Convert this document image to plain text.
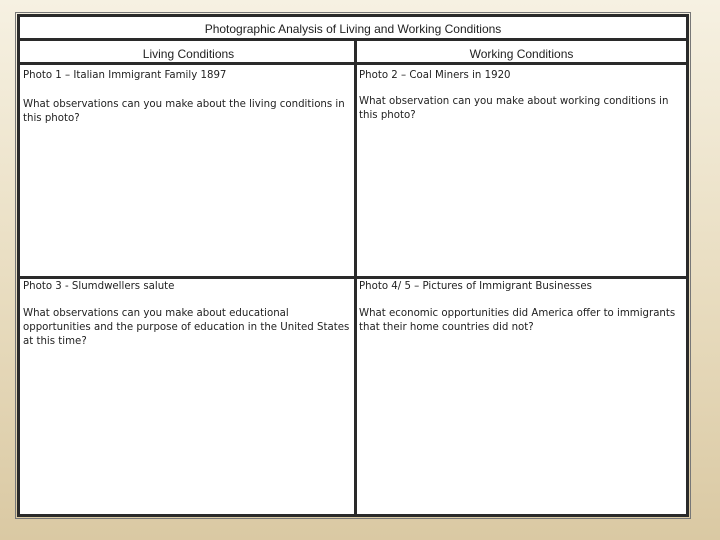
Photographic Analysis of Living and Working Conditions
Living Conditions	Working Conditions
Photo 1 – Italian Immigrant Family 1897
What observations can you make about the living conditions in this photo?
Photo 2 – Coal Miners in 1920
What observation can you make about working conditions in this photo?
Photo 3 - Slumdwellers salute
What observations can you make about educational opportunities and the purpose of education in the United States at this time?
Photo 4/ 5 – Pictures of Immigrant Businesses
What economic opportunities did America offer to immigrants that their home countries did not?
